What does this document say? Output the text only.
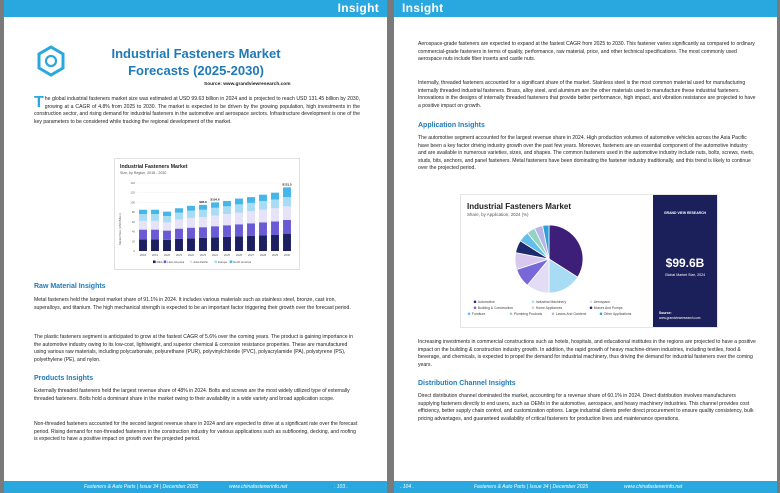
Insight
Industrial Fasteners Market
Forecasts (2025-2030)
Source: www.grandviewresearch.com

The global industrial fasteners market size was estimated at USD 99.63 billion in 2024 and is projected to reach USD 131.45 billion by 2030, growing at a CAGR of 4.8% from 2025 to 2030. The market is expected to be driven by the growing population, high investments in the construction sector, and rising demand for industrial fasteners in the automotive and aerospace sectors. Infrastructure development is one of the key parameters to be considered while tracking the regional development of the market.

Industrial Fasteners Market
Size, by Region, 2018 - 2030
Market Size (USD Billion)
0
20
40
60
80
100
120
140
2018 2019 2020 2021 2022 2023 2024 2025 2026 2027 2028 2029 2030
$96.6
$104.6
$131.5
MEA Latin America	Asia Pacific	Europe North America
Raw Material Insights

Metal fasteners held the largest market share of 91.1% in 2024. It includes various materials such as stainless steel, bronze, cast iron, superalloys, and titanium. The high mechanical strength is expected to be an important factor triggering their growth over the forecast period.

The plastic fasteners segment is anticipated to grow at the fastest CAGR of 5.6% over the coming years. The product is gaining importance in the automotive industry owing to its low-cost, lightweight, and superior chemical & corrosion resistance properties. These are manufactured using various raw materials, including polycarbonate, polyurethane (PUR), polyvinylchloride (PVC), polyacrylamide (PA), polystyrene (PS), polyethylene (PE), and nylon.

Products Insights

Externally threaded fasteners held the largest revenue share of 48% in 2024. Bolts and screws are the most widely utilized type of externally threaded fasteners. Bolts hold a dominant share in the market owing to their availability in a wide variety and broad application scope.

Non-threaded fasteners accounted for the second largest revenue share in 2024 and are expected to drive at a significant rate over the forecast period. Rising demand for non-threaded fasteners in the construction industry for various applications such as subflooring, decking, and roofing is expected to have a positive impact on growth over the projected period.

Fasteners & Auto Parts | Issue 34 | December 2025	www.chinafastenerinfo.net	. 103 .
Insight

Aerospace-grade fasteners are expected to expand at the fastest CAGR from 2025 to 2030. This fastener varies significantly as compared to ordinary commercial-grade fasteners in terms of quality, performance, raw material, price, and other technical specifications. The most commonly used aerospace nuts include fiber inserts and castle nuts.

Internally, threaded fasteners accounted for a significant share of the market. Stainless steel is the most common material used for manufacturing internally threaded industrial fasteners. Brass, alloy steel, and aluminum are the other materials used to manufacture these industrial fasteners. Innovations in the designs of internally threaded fasteners that provide better performance, high impact, and vibration resistance are projected to have a positive impact on growth.

Application Insights

The automotive segment accounted for the largest revenue share in 2024. High production volumes of automotive vehicles across the Asia Pacific have been a key factor driving industry growth over the past few years. Moreover, fasteners are an essential component of the automotive industry and are available in numerous varieties, sizes, and shapes. The common fasteners used in the automotive industry include nuts, bolts, screws, rivets, studs, bits, anchors, and panel fasteners. Metal fasteners have been dominating the fastener industry traditionally, and this trend is likely to continue over the projected period.

Industrial Fasteners Market
Share, by Application, 2024 (%)
Automotive	Industrial Machinery	Aerospace
Building & Construction	Home Appliances	Motors And Pumps
Furniture	Plumbing Products	Lawns And Gardens	Other Applications
GRAND VIEW RESEARCH
$99.6B
Global Market Size, 2024
Source:
www.grandviewresearch.com

Increasing investments in commercial constructions such as hotels, hospitals, and educational institutes in the regions are projected to have a positive impact on the building & construction industry growth. In addition, the rapid growth of heavy machine-driven industries, including textiles, food & beverage, and chemicals, is expected to propel the demand for industrial machinery, thus driving the demand for industrial fasteners over the coming years.

Distribution Channel Insights

Direct distribution channel dominated the market, accounting for a revenue share of 60.1% in 2024. Direct distribution involves manufacturers supplying fasteners directly to end users, such as OEMs in the automotive, aerospace, and heavy machinery industries. This channel provides cost efficiency, better supply chain control, and customization options. Large industrial clients prefer direct procurement to ensure quality consistency, bulk pricing advantages, and guaranteed availability of critical fasteners for production lines and maintenance operations.

. 104 .	Fasteners & Auto Parts | Issue 34 | December 2025	www.chinafastenerinfo.net
